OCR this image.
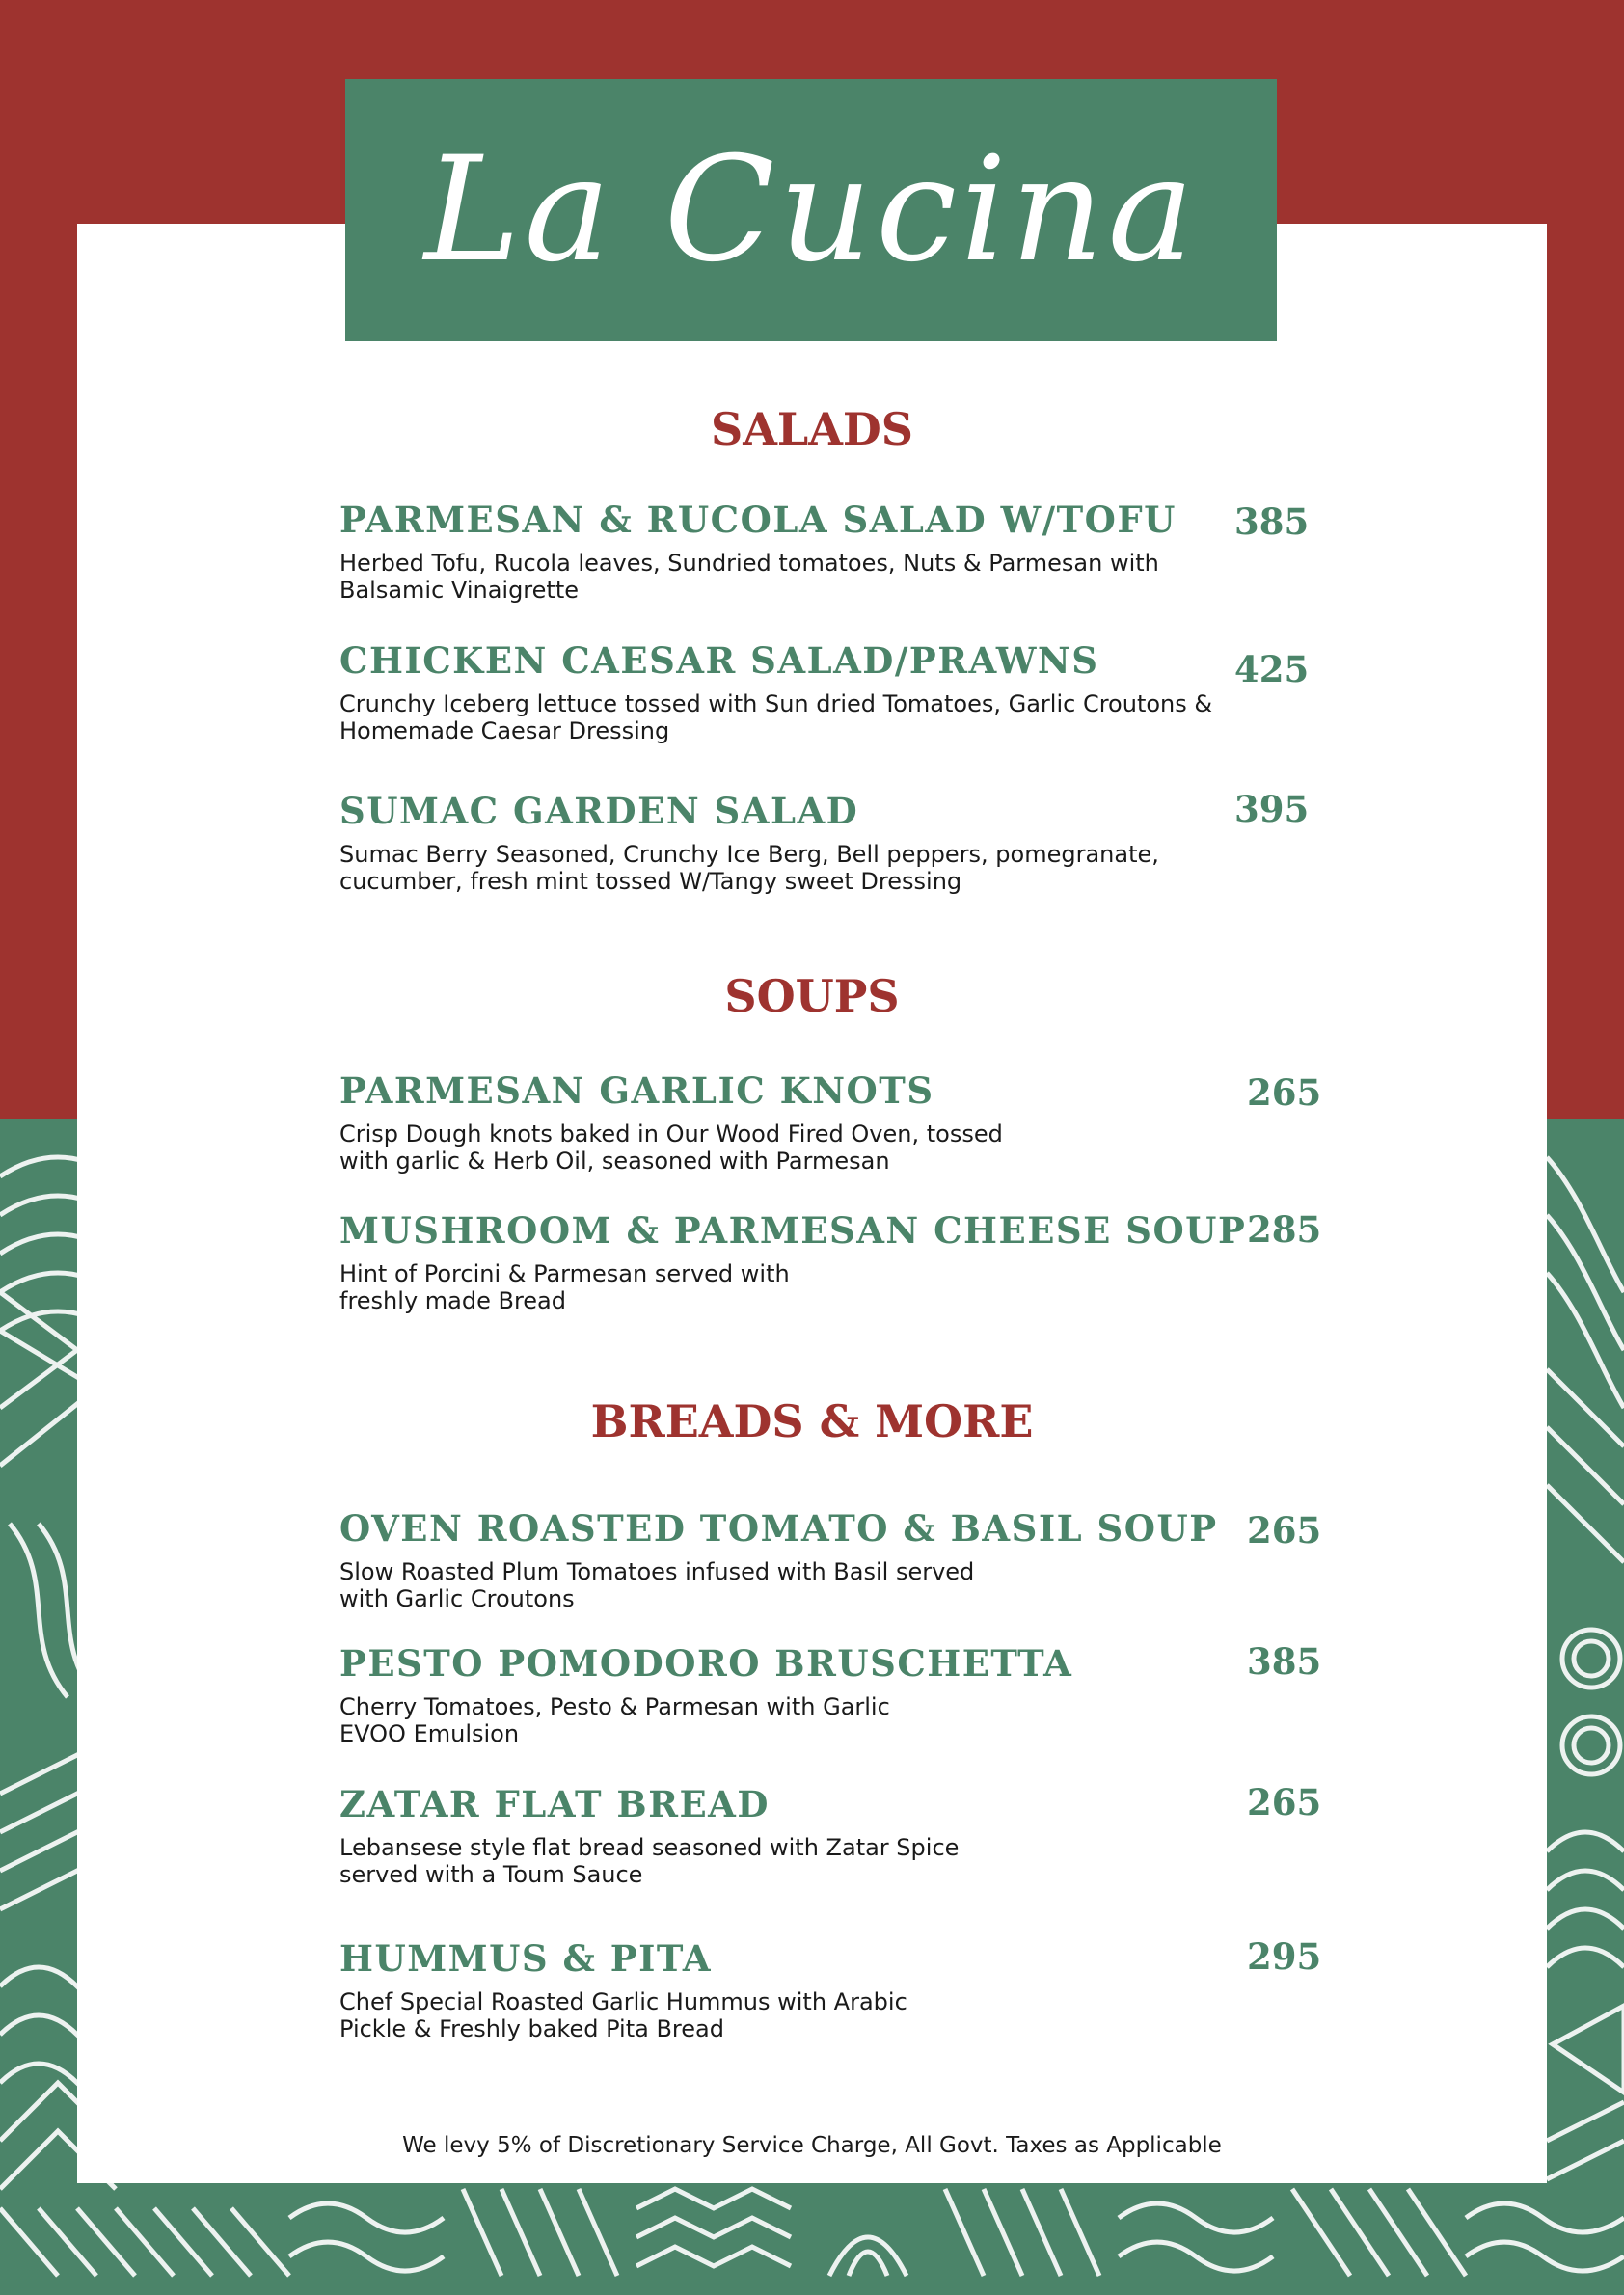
La Cucina
SALADS
PARMESAN & RUCOLA SALAD W/TOFU
Herbed Tofu, Rucola leaves, Sundried tomatoes, Nuts & Parmesan with
Balsamic Vinaigrette
385
CHICKEN CAESAR SALAD/PRAWNS
Crunchy Iceberg lettuce tossed with Sun dried Tomatoes, Garlic Croutons &
Homemade Caesar Dressing
425
SUMAC GARDEN SALAD
Sumac Berry Seasoned, Crunchy Ice Berg, Bell peppers, pomegranate,
cucumber, fresh mint tossed W/Tangy sweet Dressing
395
SOUPS
PARMESAN GARLIC KNOTS
Crisp Dough knots baked in Our Wood Fired Oven, tossed
with garlic & Herb Oil, seasoned with Parmesan
265
MUSHROOM & PARMESAN CHEESE SOUP
Hint of Porcini & Parmesan served with
freshly made Bread
285
BREADS & MORE
OVEN ROASTED TOMATO & BASIL SOUP
Slow Roasted Plum Tomatoes infused with Basil served
with Garlic Croutons
265
PESTO POMODORO BRUSCHETTA
Cherry Tomatoes, Pesto & Parmesan with Garlic
EVOO Emulsion
385
ZATAR FLAT BREAD
Lebansese style flat bread seasoned with Zatar Spice
served with a Toum Sauce
265
HUMMUS & PITA
Chef Special Roasted Garlic Hummus with Arabic
Pickle & Freshly baked Pita Bread
295
We levy 5% of Discretionary Service Charge, All Govt. Taxes as Applicable
